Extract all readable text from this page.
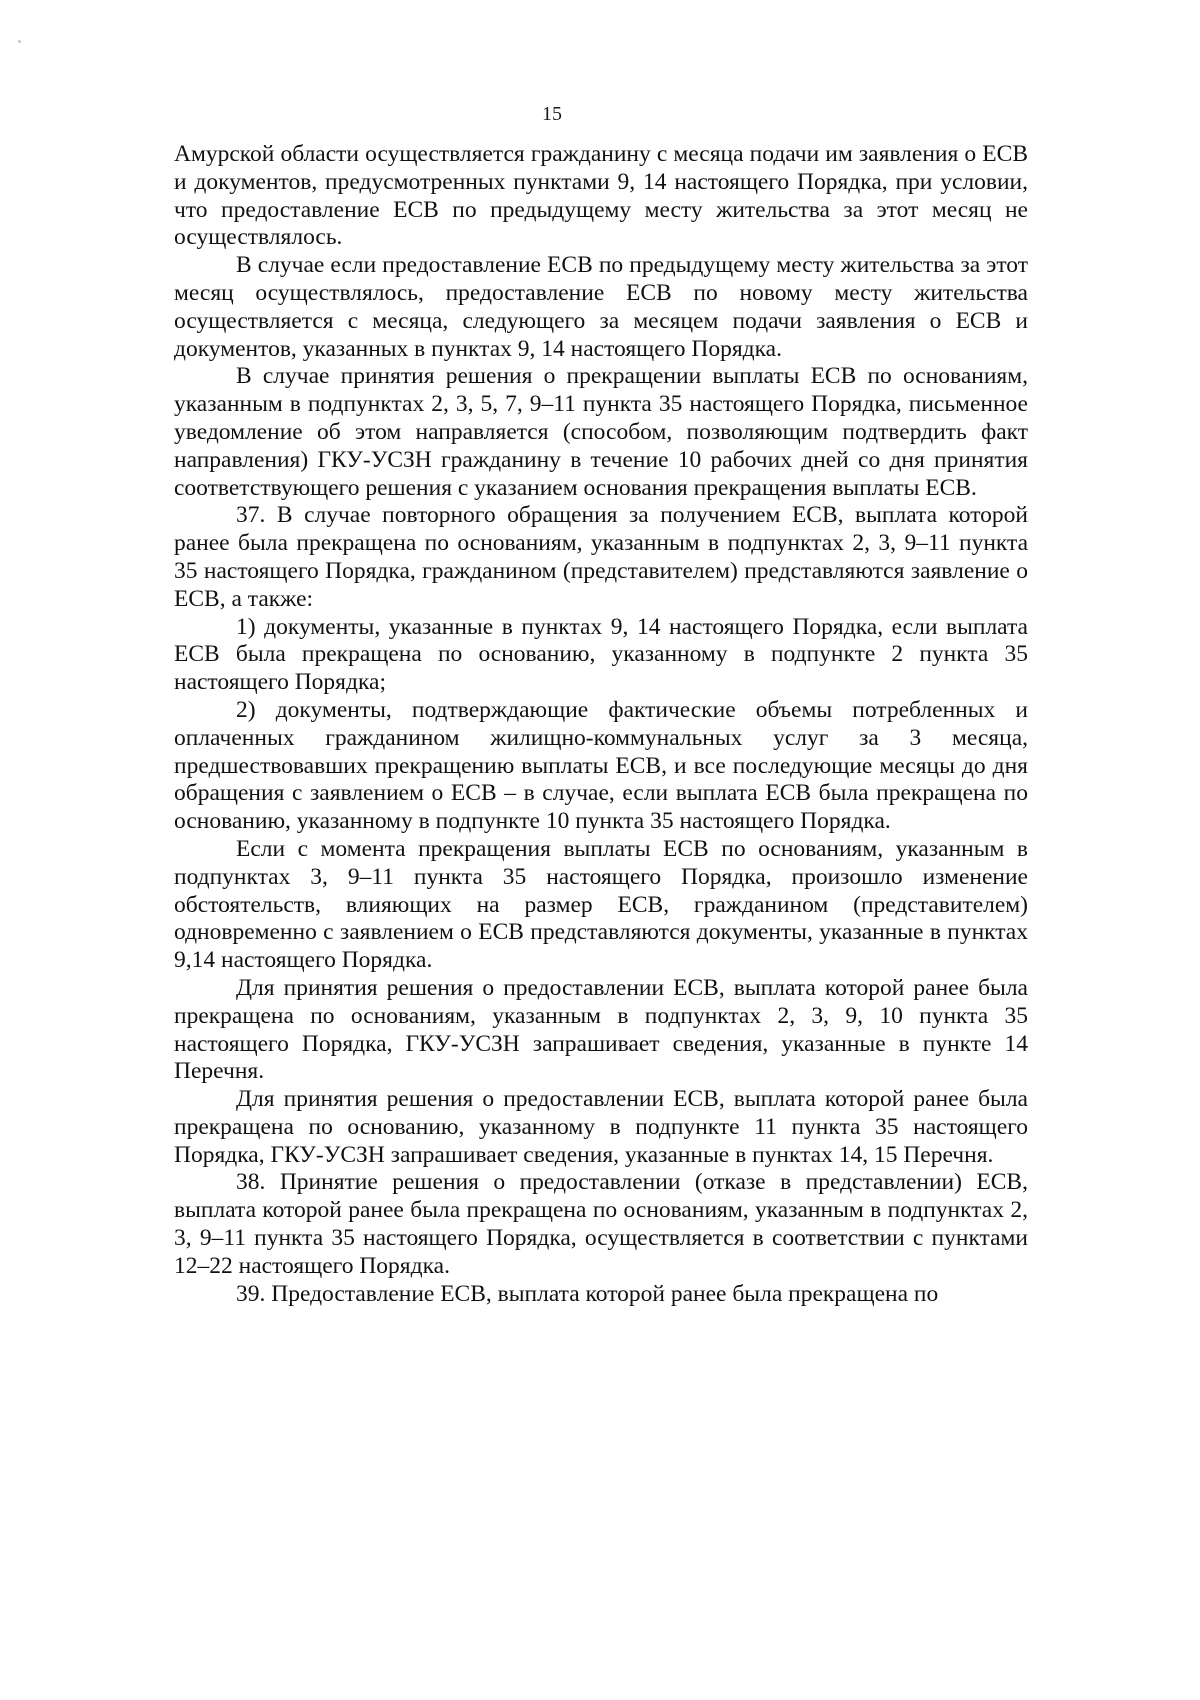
15

Амурской области осуществляется гражданину с месяца подачи им заявления о ЕСВ и документов, предусмотренных пунктами 9, 14 настоящего Порядка, при условии, что предоставление ЕСВ по предыдущему месту жительства за этот месяц не осуществлялось.

В случае если предоставление ЕСВ по предыдущему месту жительства за этот месяц осуществлялось, предоставление ЕСВ по новому месту жительства осуществляется с месяца, следующего за месяцем подачи заявления о ЕСВ и документов, указанных в пунктах 9, 14 настоящего Порядка.

В случае принятия решения о прекращении выплаты ЕСВ по основаниям, указанным в подпунктах 2, 3, 5, 7, 9–11 пункта 35 настоящего Порядка, письменное уведомление об этом направляется (способом, позволяющим подтвердить факт направления) ГКУ-УСЗН гражданину в течение 10 рабочих дней со дня принятия соответствующего решения с указанием основания прекращения выплаты ЕСВ.

37. В случае повторного обращения за получением ЕСВ, выплата которой ранее была прекращена по основаниям, указанным в подпунктах 2, 3, 9–11 пункта 35 настоящего Порядка, гражданином (представителем) представляются заявление о ЕСВ, а также:

1) документы, указанные в пунктах 9, 14 настоящего Порядка, если выплата ЕСВ была прекращена по основанию, указанному в подпункте 2 пункта 35 настоящего Порядка;

2) документы, подтверждающие фактические объемы потребленных и оплаченных гражданином жилищно-коммунальных услуг за 3 месяца, предшествовавших прекращению выплаты ЕСВ, и все последующие месяцы до дня обращения с заявлением о ЕСВ – в случае, если выплата ЕСВ была прекращена по основанию, указанному в подпункте 10 пункта 35 настоящего Порядка.

Если с момента прекращения выплаты ЕСВ по основаниям, указанным в подпунктах 3, 9–11 пункта 35 настоящего Порядка, произошло изменение обстоятельств, влияющих на размер ЕСВ, гражданином (представителем) одновременно с заявлением о ЕСВ представляются документы, указанные в пунктах 9,14 настоящего Порядка.

Для принятия решения о предоставлении ЕСВ, выплата которой ранее была прекращена по основаниям, указанным в подпунктах 2, 3, 9, 10 пункта 35 настоящего Порядка, ГКУ-УСЗН запрашивает сведения, указанные в пункте 14 Перечня.

Для принятия решения о предоставлении ЕСВ, выплата которой ранее была прекращена по основанию, указанному в подпункте 11 пункта 35 настоящего Порядка, ГКУ-УСЗН запрашивает сведения, указанные в пунктах 14, 15 Перечня.

38. Принятие решения о предоставлении (отказе в представлении) ЕСВ, выплата которой ранее была прекращена по основаниям, указанным в подпунктах 2, 3, 9–11 пункта 35 настоящего Порядка, осуществляется в соответствии с пунктами 12–22 настоящего Порядка.

39. Предоставление ЕСВ, выплата которой ранее была прекращена по
